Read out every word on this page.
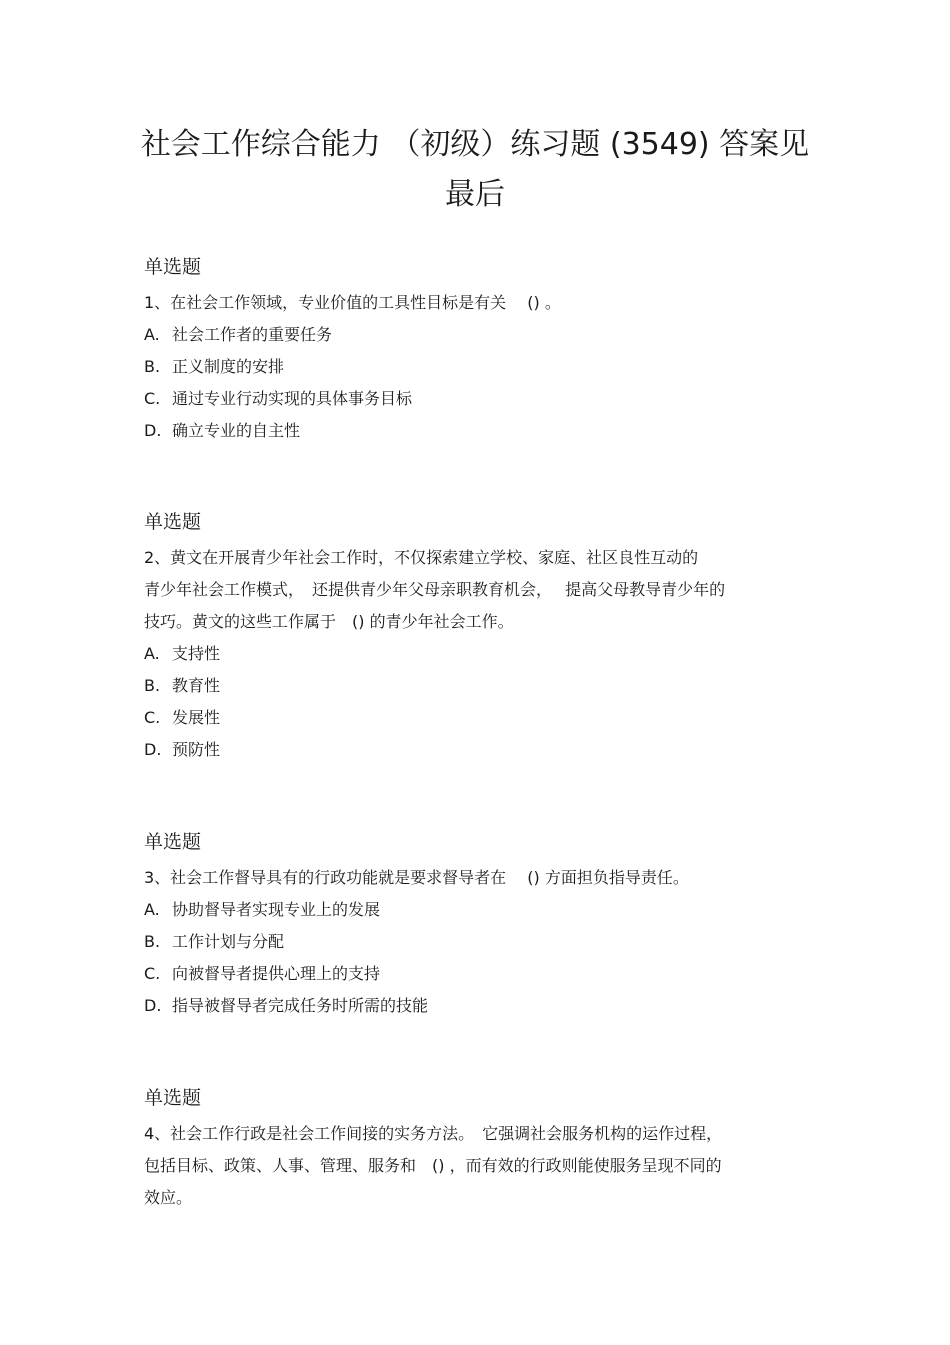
社会工作综合能力 （初级）练习题 (3549) 答案见
最后
单选题

1、在社会工作领域，专业价值的工具性目标是有关　 () 。

A. 社会工作者的重要任务

B. 正义制度的安排

C. 通过专业行动实现的具体事务目标

D. 确立专业的自主性

单选题

2、黄文在开展青少年社会工作时，不仅探索建立学校、家庭、社区良性互动的
青少年社会工作模式，　还提供青少年父母亲职教育机会，　 提高父母教导青少年的
技巧。黄文的这些工作属于　() 的青少年社会工作。

A. 支持性

B. 教育性

C. 发展性

D. 预防性

单选题

3、社会工作督导具有的行政功能就是要求督导者在　 () 方面担负指导责任。

A. 协助督导者实现专业上的发展

B. 工作计划与分配

C. 向被督导者提供心理上的支持

D. 指导被督导者完成任务时所需的技能

单选题

4、社会工作行政是社会工作间接的实务方法。　它强调社会服务机构的运作过程，
包括目标、政策、人事、管理、服务和　() ，而有效的行政则能使服务呈现不同的
效应。
